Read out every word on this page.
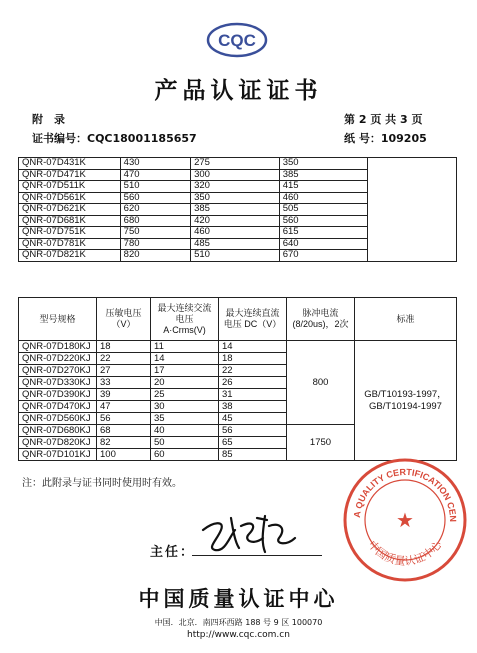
CQC
产品认证证书
附　录	第 2 页 共 3 页
证书编号：CQC18001185657	纸 号：109205
QNR-07D431K	430	275	350	
QNR-07D471K	470	300	385	
QNR-07D511K	510	320	415	
QNR-07D561K	560	350	460	
QNR-07D621K	620	385	505	
QNR-07D681K	680	420	560	
QNR-07D751K	750	460	615	
QNR-07D781K	780	485	640	
QNR-07D821K	820	510	670	
型号规格	压敏电压（V）	最大连续交流电压 A·Crms(V)	最大连续直流电压 DC（V）	脉冲电流 (8/20us)，2次	标准
QNR-07D180KJ	18	11	14	800	GB/T10193-1997，GB/T10194-1997
QNR-07D220KJ	22	14	18		
QNR-07D270KJ	27	17	22		
QNR-07D330KJ	33	20	26		
QNR-07D390KJ	39	25	31		
QNR-07D470KJ	47	30	38		
QNR-07D560KJ	56	35	45		
QNR-07D680KJ	68	40	56	1750	
QNR-07D820KJ	82	50	65		
QNR-07D101KJ	100	60	85		
注：此附录与证书同时使用时有效。
主任：
A QUALITY CERTIFICATION CEN
中国质量认证中心
★
中国质量认证中心
中国．北京．南四环西路 188 号 9 区 100070
http://www.cqc.com.cn
